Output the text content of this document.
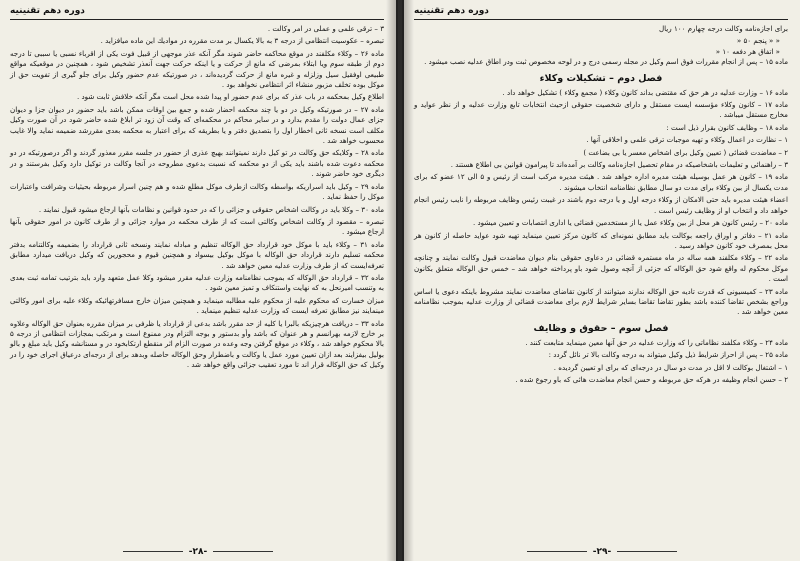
دوره دهم تقنينيه

۳ – ترقی علمی و عملی در امر وکالت .

تبصره – عکوسیت انتظامی از درجه ۳ به بالا یکسال بر مدت مقرره در موادیك این ماده میافزاید .

ماده ۲۶ – وکلاء مکلفند در موقع محاکمه حاضر شوند مگر آنکه عذر موجهی از قبیل فوت یکی از اقرباء نسبی یا سببی تا درجه دوم از طبقه سوم ویا ابتلاء بمرضی که مانع از حرکت و یا اینکه حرکت جهت آنعذر تشخیص شود ، همچنین در موقعیکه مواقع طبیعی اوفقیل سیل وزلزله و غیره مانع از حرکت گردیده‌اند ، در صورتیکه عدم حضور وکیل برای جلو گیری از تفویت حق از موکل بوده تخلف مزبور منشاء اثر انتظامی نخواهد بود .

اطلاع وکیل بمحکمه در باب عذر که برای عدم حضور او پیدا شده محل است مگر آنکه خلافش ثابت شود .

ماده ۲۷ – در صورتیکه وکیل در دو یا چند محکمه احضار شده و جمع بین اوقات ممکن باشد باید حضور در دیوان جزا و دیوان جزای عمال دولت را مقدم بدارد و در سایر محاکم در محکمه‌ای که وقت آن زود تر ابلاغ شده حاضر شود در آن صورت وکیل مکلف است نسخه ثانی اخطار اول را بتصدیق دفتر و یا بطریقه که برای اعتبار به محکمه بعدی مقررشد ضمیمه نماید والا غایب محسوب خواهد شد .

ماده ۲۸ – وکلایکه حق وکالت در تو کیل دارند نمیتوانند بهیچ عذری از حضور در جلسه مقرر معذور گردند و اگر درصورتیکه در دو محکمه دعوت شده باشند باید یکی از دو محکمه که نسبت بدعوی مطروحه در آنجا وکالت در توکیل دارد وکیل بفرستند و در دیگری خود حاضر شوند .

ماده ۲۹ – وکیل باید اسراریکه بواسطه وکالت ازطرف موکل مطلع شده و هم چنین اسرار مربوطه بحیثیات وشرافت واعتبارات موکل را حفظ نماید .

ماده ۳۰ – وکلا باید در وکالت اشخاص حقوقی و جزائی را که در حدود قوانین و نظامات بآنها ارجاع میشود قبول نمایند .

تبصره – مقصود از وکالت اشخاص وکالتی است که از طرف محکمه در موارد جزائی و از طرف کانون در امور حقوقی بآنها ارجاع میشود .

ماده ۳۱ – وکلاء باید با موکل خود قرارداد حق الوکاله تنظیم و مبادله نمایند ونسخه ثانی قرارداد را بضمیمه وکالتنامه بدفتر محکمه تسلیم دارند قرارداد حق الوکاله با موکل بوکیل بیسواد و همچنین قیوم و محجورین که وکیل دریافت میدارد مطابق تعرفه‌ایست که از طرف وزارت عدلیه معین خواهد شد .

ماده ۳۲ – قرارداد حق الوکاله که بموجب نظامنامه وزارت عدلیه مقرر میشود وکلا عمل متعهد وارد باید بترتیب تمامه ثبت بعدی به وتنسب امیرنحل به که نهایت واستنکاف و تمیز معین شود .

میزان خسارت که محکوم علیه از محکوم علیه مطالبه مینماید و همچنین میزان خارج مسافرتهائیکه وکلاء علیه برای امور وکالتی مینمایند نیز مطابق تعرفه ایست که وزارت عدلیه تنظیم مینماید .

ماده ۳۳ – دریافت هرچیزیکه بالبرا یا کلیه از حد مقرر باشد بدعی از قرارداد یا ظرفی بر میزان مقرره بعنوان حق الوکاله وعلاوه بر خارج لازمه بهرانسم و هر عنوان که باشد وأو بدستور و بوجه التزام ودر ممنوع است و مرتکب بمجازات انتظامی از درجه ۵ بالا محکوم خواهد شد ، وکلاء در موقع گرفتن وجه وعده در صورت الزام اثر منقطع ارتکابخود در و مستانشه وکیل باید مبلغ و بالو بولیل بیفزایند بعد ازان تعیین مورد عمل یا وکالت و باضطرار وحق الوکاله حاصله وبدهد برای از درجه‌ای درعیاق اجرای خود را در وکیل که حق الوکاله قرار اند تا مورد تعقیب جزائی واقع خواهد شد .

-۲۸-
دوره دهم تقنينيه

برای اجازه‌نامه وکالت درجه چهارم ۱۰۰ ریال

« « پنجم ۵۰ «
« اتفاق هر دفعه ۱۰ «

ماده ۱۵ – پس از انجام مقررات فوق اسم وکیل در مجله رسمی درج و در لوحه مخصوص ثبت ودر اطاق عدلیه نصب میشود .

فصل دوم – تشکیلات وکلاء

ماده ۱۶ – وزارت عدلیه در هر حق که مقتضی بداند کانون وکلاء ( مجمع وکلاء ) تشکیل خواهد داد .

ماده ۱۷ – کانون وکلاء مؤسسه ایست مستقل و دارای شخصیت حقوقی ازحیث انتخابات تابع وزارت عدلیه و از نظر عواید و مخارج مستقل میباشد .

ماده ۱۸ – وظایف کانون بقرار ذیل است :

۱ – نظارت در اعمال وکلاء و تهیه موجبات ترقی علمی و اخلاقی آنها .

۲ – معاضدت قضائی ( تعیین وکیل برای اشخاص معسر یا بی بضاعت )

۳ – راهنمائی و تعلیمات باشخاصیکه در مقام تحصیل اجازه‌نامه وکالت بر آمده‌اند تا پیرامون قوانین بی اطلاع هستند .

ماده ۱۹ – کانون هر عمل بوسیله هیئت مدیره اداره خواهد شد . هیئت مدیره مرکب است از رئیس و ۵ الی ۱۲ عضو که برای مدت یکسال از بین وکلاء برای مدت دو سال مطابق نظامنامه انتخاب میشوند .

اعضاء هیئت مدیره باید حتی الامکان از وکلاء درجه اول و یا درجه دوم باشند در غیبت رئیس وظایف مربوطه را نایب رئیس انجام خواهد داد و انتخاب او از وظایف رئیس است .

ماده ۲۰ – رئیس کانون هر محل از بین وکلاء عمل یا از مستخدمین قضائی یا اداری انتصابات و تعیین میشود .

ماده ۲۱ – دفاتر و اوراق راجعه بوکالت باید مطابق نمونه‌ای که کانون مرکز تعیین مینماید تهیه شود عواید حاصله از کانون هر محل بمصرف خود کانون خواهد رسید .

ماده ۲۲ – وکلاء مکلفند همه ساله در ماه مستمره قضائی در دعاوی حقوقی بنام دیوان معاضدت قبول وکالت نمایند و چنانچه موکل محکوم له واقع شود حق الوکاله که جزئی از آنچه وصول شود باو پرداخته خواهد شد – خمس حق الوکاله متعلق بکانون است .

ماده ۲۳ – کمیسیونی که قدرت تادیه حق الوکاله ندارند میتوانند از کانون تقاضای معاضدت نمایند مشروط باینکه دعوی یا اساس وراجع بشخص تقاضا کننده باشد بطور تقاضا تقاضا بسایر شرایط لازم برای معاضدت قضائی از وزارت عدلیه بموجب نظامنامه معین خواهد شد .

فصل سوم – حقوق و وظایف

ماده ۲۴ – وکلاء مکلفند نظاماتی را که وزارت عدلیه در حق آنها معین مینماید متابعت کنند .

ماده ۲۵ – پس از احراز شرایط ذیل وکیل میتواند به درجه وکالت بالا تر نائل گردد :

۱ – اشتغال بوکالت لا اقل در مدت دو سال در درجه‌ای که برای او تعیین گردیده .

۲ – حسن انجام وظیفه در هرکه حق مربوطه و حسن انجام معاضدت هائی که باو رجوع شده .

-۲۹-
